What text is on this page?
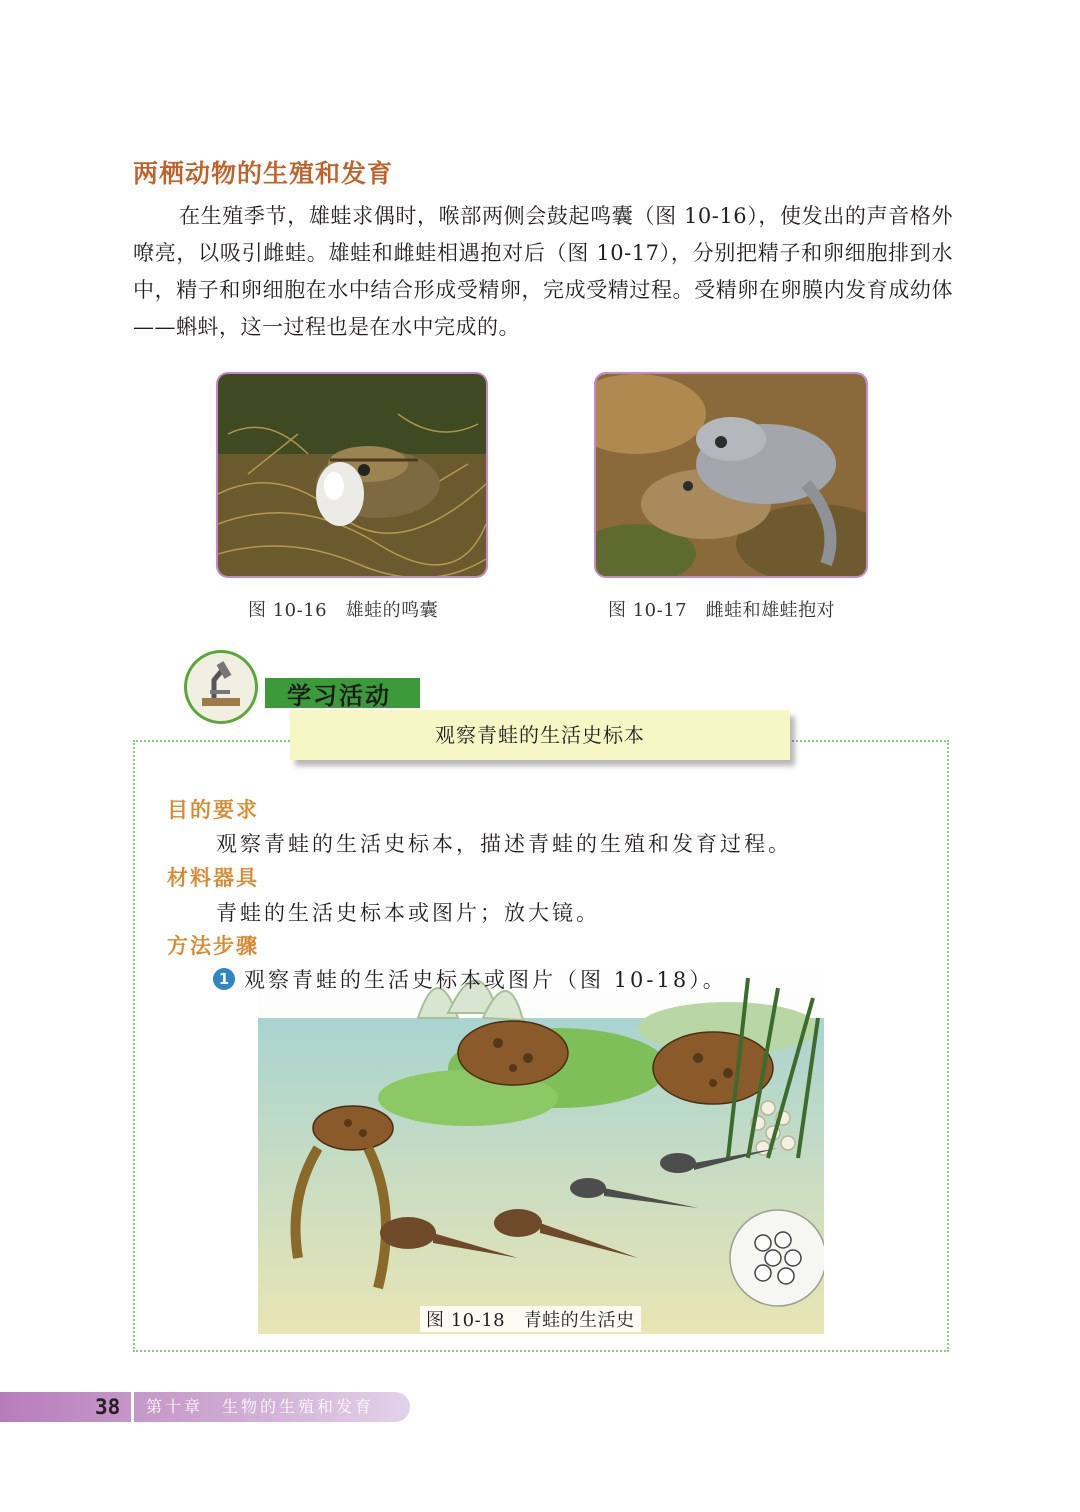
两栖动物的生殖和发育
在生殖季节，雄蛙求偶时，喉部两侧会鼓起鸣囊（图 10-16），使发出的声音格外嘹亮，以吸引雌蛙。雄蛙和雌蛙相遇抱对后（图 10-17），分别把精子和卵细胞排到水中，精子和卵细胞在水中结合形成受精卵，完成受精过程。受精卵在卵膜内发育成幼体——蝌蚪，这一过程也是在水中完成的。
图 10-16　雄蛙的鸣囊	图 10-17　雌蛙和雄蛙抱对
学习活动
观察青蛙的生活史标本
目的要求
观察青蛙的生活史标本，描述青蛙的生殖和发育过程。
材料器具
青蛙的生活史标本或图片；放大镜。
方法步骤
1 观察青蛙的生活史标本或图片（图 10-18）。
图 10-18　青蛙的生活史
38 第十章　生物的生殖和发育
